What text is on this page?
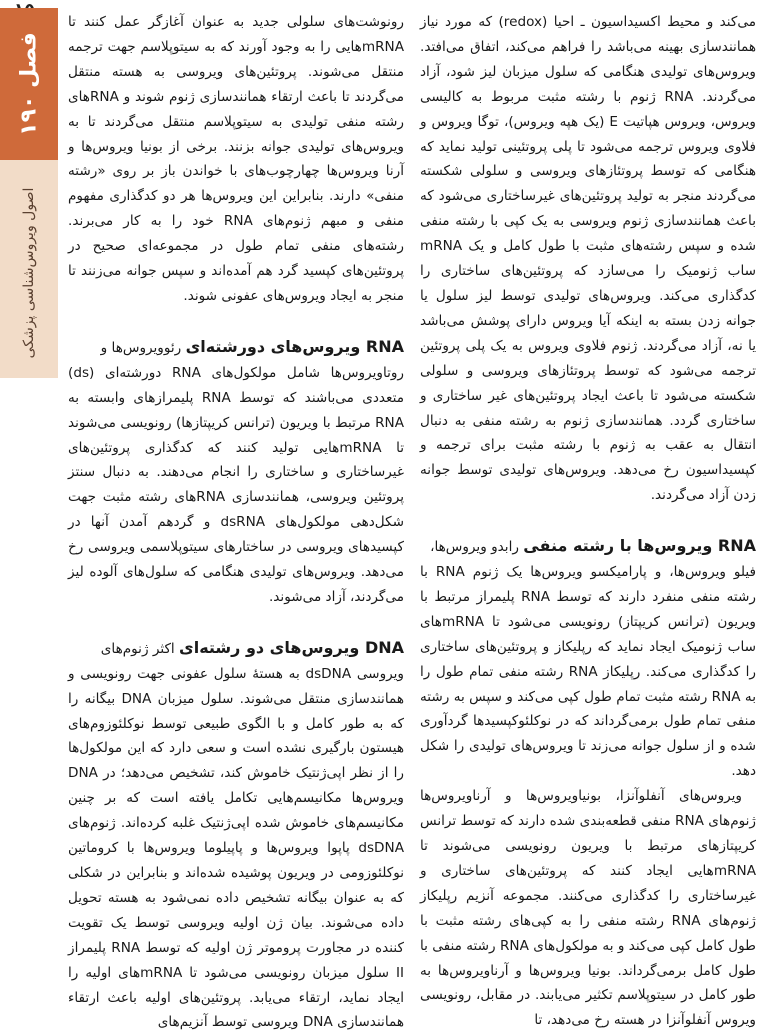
فصل ۱۹۰
اصول ویروس‌شناسی پزشکی

می‌کند و محیط اکسیداسیون ـ احیا (redox) که مورد نیاز همانندسازی بهینه می‌باشد را فراهم می‌کند، اتفاق می‌افتد. ویروس‌های تولیدی هنگامی که سلول میزبان لیز شود، آزاد می‌گردند. RNA ژنوم با رشته مثبت مربوط به کالیسی ویروس، ویروس هپاتیت E (یک هپه ویروس)، توگا ویروس و فلاوی ویروس ترجمه می‌شود تا پلی پروتئینی تولید نماید که هنگامی که توسط پروتئازهای ویروسی و سلولی شکسته می‌گردند منجر به تولید پروتئین‌های غیرساختاری می‌شود که باعث همانندسازی ژنوم ویروسی به یک کپی با رشته منفی شده و سپس رشته‌های مثبت با طول کامل و یک mRNA ساب ژنومیک را می‌سازد که پروتئین‌های ساختاری را کدگذاری می‌کند. ویروس‌های تولیدی توسط لیز سلول یا جوانه زدن بسته به اینکه آیا ویروس دارای پوشش می‌باشد یا نه، آزاد می‌گردند. ژنوم فلاوی ویروس به یک پلی پروتئین ترجمه می‌شود که توسط پروتئازهای ویروسی و سلولی شکسته می‌شود تا باعث ایجاد پروتئین‌های غیر ساختاری و ساختاری گردد. همانندسازی ژنوم به رشته منفی به دنبال انتقال به عقب به ژنوم با رشته مثبت برای ترجمه و کپسیداسیون رخ می‌دهد. ویروس‌های تولیدی توسط جوانه زدن آزاد می‌گردند.

RNA ویروس‌ها با رشته منفی رابدو ویروس‌ها،

فیلو ویروس‌ها، و پارامیکسو ویروس‌ها یک ژنوم RNA با رشته منفی منفرد دارند که توسط RNA پلیمراز مرتبط با ویریون (ترانس کریپتاز) رونویسی می‌شود تا mRNAهای ساب ژنومیک ایجاد نماید که رپلیکاز و پروتئین‌های ساختاری را کدگذاری می‌کند. رپلیکاز RNA رشته منفی تمام طول را به RNA رشته مثبت تمام طول کپی می‌کند و سپس به رشته منفی تمام طول برمی‌گرداند که در نوکلئوکپسیدها گردآوری شده و از سلول جوانه می‌زند تا ویروس‌های تولیدی را شکل دهد.

ویروس‌های آنفلوآنزا، بونیاویروس‌ها و آرناویروس‌ها ژنوم‌های RNA منفی قطعه‌بندی شده دارند که توسط ترانس کریپتازهای مرتبط با ویریون رونویسی می‌شوند تا mRNAهایی ایجاد کنند که پروتئین‌های ساختاری و غیرساختاری را کدگذاری می‌کنند. مجموعه آنزیم رپلیکاز ژنوم‌های RNA رشته منفی را به کپی‌های رشته مثبت با طول کامل کپی می‌کند و به مولکول‌های RNA رشته منفی با طول کامل برمی‌گرداند. بونیا ویروس‌ها و آرناویروس‌ها به طور کامل در سیتوپلاسم تکثیر می‌یابند. در مقابل، رونویسی ویروس آنفلوآنزا در هسته رخ می‌دهد، تا

رونوشت‌های سلولی جدید به عنوان آغازگر عمل کنند تا mRNAهایی را به وجود آورند که به سیتوپلاسم جهت ترجمه منتقل می‌شوند. پروتئین‌های ویروسی به هسته منتقل می‌گردند تا باعث ارتقاء همانندسازی ژنوم شوند و RNAهای رشته منفی تولیدی به سیتوپلاسم منتقل می‌گردند تا به ویروس‌های تولیدی جوانه بزنند. برخی از بونیا ویروس‌ها و آرنا ویروس‌ها چهارچوب‌های با خواندن باز بر روی «رشته منفی» دارند. بنابراین این ویروس‌ها هر دو کدگذاری مفهوم منفی و مبهم ژنوم‌های RNA خود را به کار می‌برند. رشته‌های منفی تمام طول در مجموعه‌ای صحیح در پروتئین‌های کپسید گرد هم آمده‌اند و سپس جوانه می‌زنند تا منجر به ایجاد ویروس‌های عفونی شوند.

RNA ویروس‌های دورشته‌ای رئوویروس‌ها و

روتاویروس‌ها شامل مولکول‌های RNA دورشته‌ای (ds) متعددی می‌باشند که توسط RNA پلیمرازهای وابسته به RNA مرتبط با ویریون (ترانس کریپتازها) رونویسی می‌شوند تا mRNAهایی تولید کنند که کدگذاری پروتئین‌های غیرساختاری و ساختاری را انجام می‌دهند. به دنبال سنتز پروتئین ویروسی، همانندسازی RNAهای رشته مثبت جهت شکل‌دهی مولکول‌های dsRNA و گردهم آمدن آنها در کپسیدهای ویروسی در ساختارهای سیتوپلاسمی ویروسی رخ می‌دهد. ویروس‌های تولیدی هنگامی که سلول‌های آلوده لیز می‌گردند، آزاد می‌شوند.

DNA ویروس‌های دو رشته‌ای اکثر ژنوم‌های

ویروسی dsDNA به هستهٔ سلول عفونی جهت رونویسی و همانندسازی منتقل می‌شوند. سلول میزبان DNA بیگانه را که به طور کامل و با الگوی طبیعی توسط نوکلئوزوم‌های هیستون بارگیری نشده است و سعی دارد که این مولکول‌ها را از نظر اپی‌ژنتیک خاموش کند، تشخیص می‌دهد؛ در DNA ویروس‌ها مکانیسم‌هایی تکامل یافته است که بر چنین مکانیسم‌های خاموش شده اپی‌ژنتیک غلبه کرده‌اند. ژنوم‌های dsDNA پاپوا ویروس‌ها و پاپیلوما ویروس‌ها با کروماتین نوکلئوزومی در ویریون پوشیده شده‌اند و بنابراین در شکلی که به عنوان بیگانه تشخیص داده نمی‌شود به هسته تحویل داده می‌شوند. بیان ژن اولیه ویروسی توسط یک تقویت کننده در مجاورت پروموتر ژن اولیه که توسط RNA پلیمراز II سلول میزبان رونویسی می‌شود تا mRNAهای اولیه را ایجاد نماید، ارتقاء می‌یابد. پروتئین‌های اولیه باعث ارتقاء همانندسازی DNA ویروسی توسط آنزیم‌های
